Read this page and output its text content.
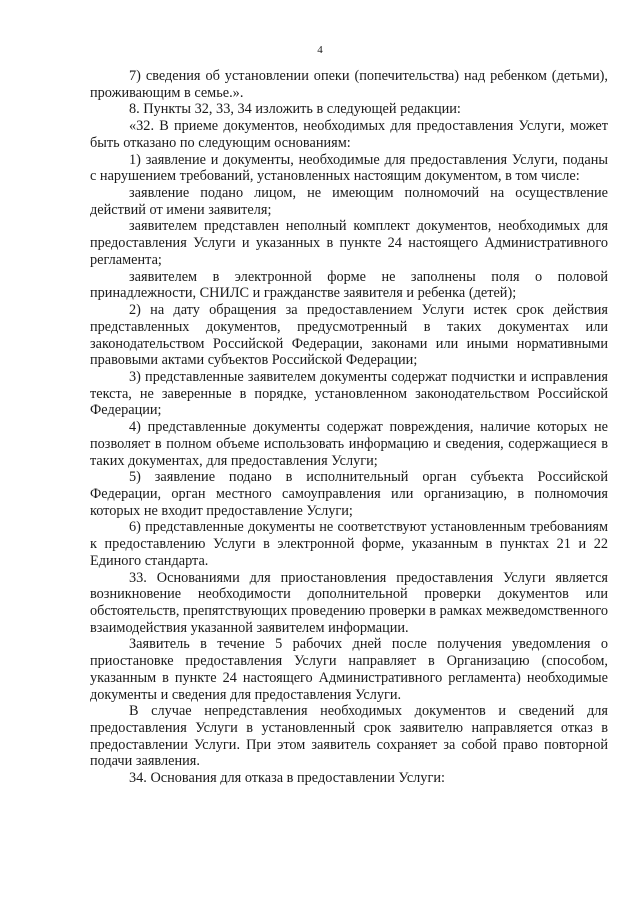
4

7) сведения об установлении опеки (попечительства) над ребенком (детьми), проживающим в семье.».

8. Пункты 32, 33, 34 изложить в следующей редакции:

«32. В приеме документов, необходимых для предоставления Услуги, может быть отказано по следующим основаниям:

1) заявление и документы, необходимые для предоставления Услуги, поданы с нарушением требований, установленных настоящим документом, в том числе:

заявление подано лицом, не имеющим полномочий на осуществление действий от имени заявителя;

заявителем представлен неполный комплект документов, необходимых для предоставления Услуги и указанных в пункте 24 настоящего Административного регламента;

заявителем в электронной форме не заполнены поля о половой принадлежности, СНИЛС и гражданстве заявителя и ребенка (детей);

2) на дату обращения за предоставлением Услуги истек срок действия представленных документов, предусмотренный в таких документах или законодательством Российской Федерации, законами или иными нормативными правовыми актами субъектов Российской Федерации;

3) представленные заявителем документы содержат подчистки и исправления текста, не заверенные в порядке, установленном законодательством Российской Федерации;

4) представленные документы содержат повреждения, наличие которых не позволяет в полном объеме использовать информацию и сведения, содержащиеся в таких документах, для предоставления Услуги;

5) заявление подано в исполнительный орган субъекта Российской Федерации, орган местного самоуправления или организацию, в полномочия которых не входит предоставление Услуги;

6) представленные документы не соответствуют установленным требованиям к предоставлению Услуги в электронной форме, указанным в пунктах 21 и 22 Единого стандарта.

33. Основаниями для приостановления предоставления Услуги является возникновение необходимости дополнительной проверки документов или обстоятельств, препятствующих проведению проверки в рамках межведомственного взаимодействия указанной заявителем информации.

Заявитель в течение 5 рабочих дней после получения уведомления о приостановке предоставления Услуги направляет в Организацию (способом, указанным в пункте 24 настоящего Административного регламента) необходимые документы и сведения для предоставления Услуги.

В случае непредставления необходимых документов и сведений для предоставления Услуги в установленный срок заявителю направляется отказ в предоставлении Услуги. При этом заявитель сохраняет за собой право повторной подачи заявления.

34. Основания для отказа в предоставлении Услуги:
